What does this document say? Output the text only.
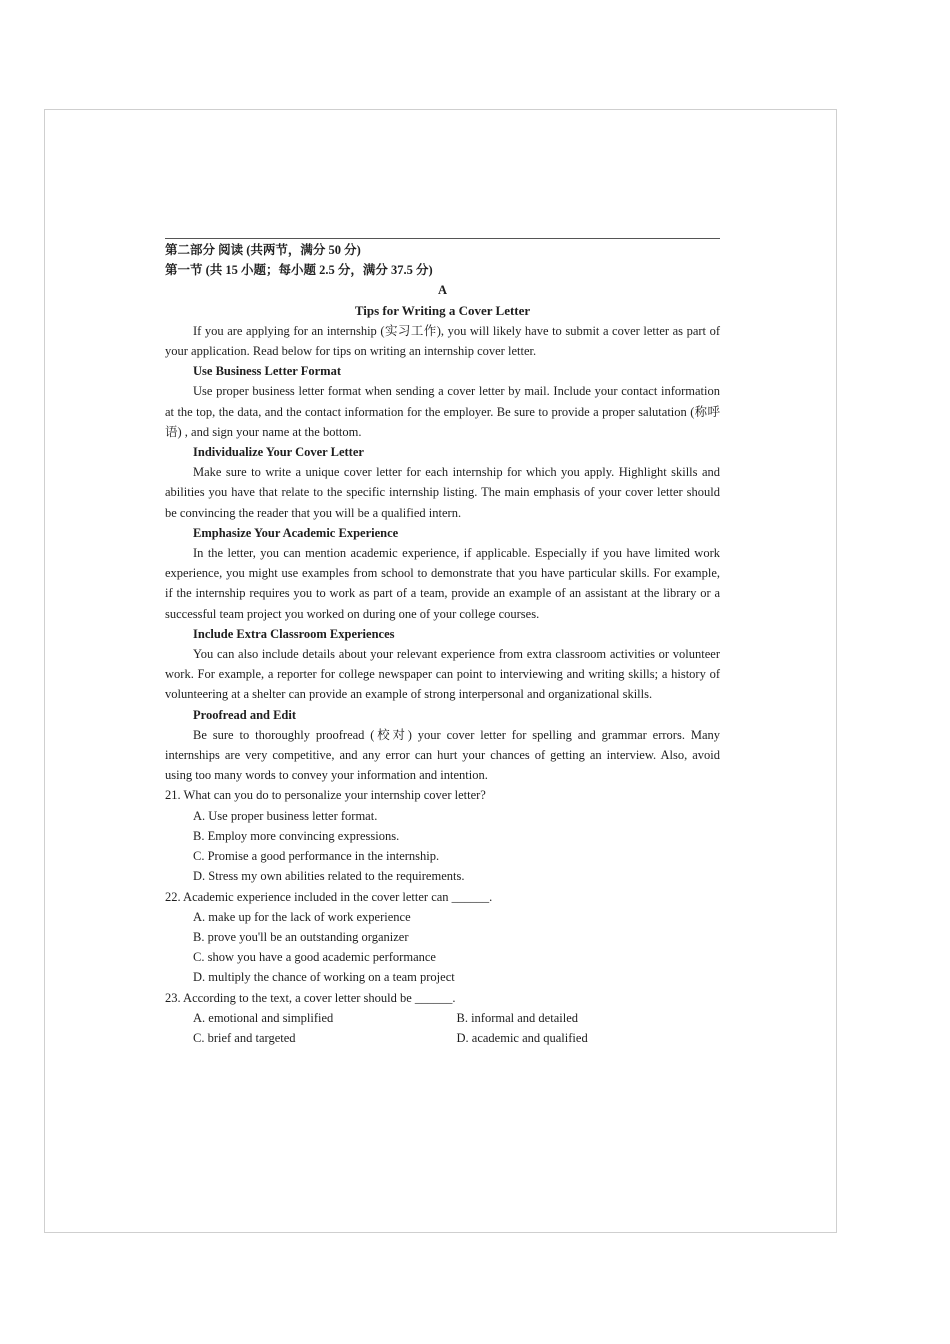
第二部分 阅读 (共两节，满分 50 分)
第一节 (共 15 小题；每小题 2.5 分，满分 37.5 分)
A
Tips for Writing a Cover Letter

If you are applying for an internship (实习工作), you will likely have to submit a cover letter as part of your application. Read below for tips on writing an internship cover letter.

Use Business Letter Format

Use proper business letter format when sending a cover letter by mail. Include your contact information at the top, the data, and the contact information for the employer. Be sure to provide a proper salutation (称呼语) , and sign your name at the bottom.

Individualize Your Cover Letter

Make sure to write a unique cover letter for each internship for which you apply. Highlight skills and abilities you have that relate to the specific internship listing. The main emphasis of your cover letter should be convincing the reader that you will be a qualified intern.

Emphasize Your Academic Experience

In the letter, you can mention academic experience, if applicable. Especially if you have limited work experience, you might use examples from school to demonstrate that you have particular skills. For example, if the internship requires you to work as part of a team, provide an example of an assistant at the library or a successful team project you worked on during one of your college courses.

Include Extra Classroom Experiences

You can also include details about your relevant experience from extra classroom activities or volunteer work. For example, a reporter for college newspaper can point to interviewing and writing skills; a history of volunteering at a shelter can provide an example of strong interpersonal and organizational skills.

Proofread and Edit

Be sure to thoroughly proofread (校对) your cover letter for spelling and grammar errors. Many internships are very competitive, and any error can hurt your chances of getting an interview. Also, avoid using too many words to convey your information and intention.

21. What can you do to personalize your internship cover letter?
A. Use proper business letter format.
B. Employ more convincing expressions.
C. Promise a good performance in the internship.
D. Stress my own abilities related to the requirements.
22. Academic experience included in the cover letter can ______.
A. make up for the lack of work experience
B. prove you'll be an outstanding organizer
C. show you have a good academic performance
D. multiply the chance of working on a team project
23. According to the text, a cover letter should be ______.
A. emotional and simplified	B. informal and detailed
C. brief and targeted	D. academic and qualified
